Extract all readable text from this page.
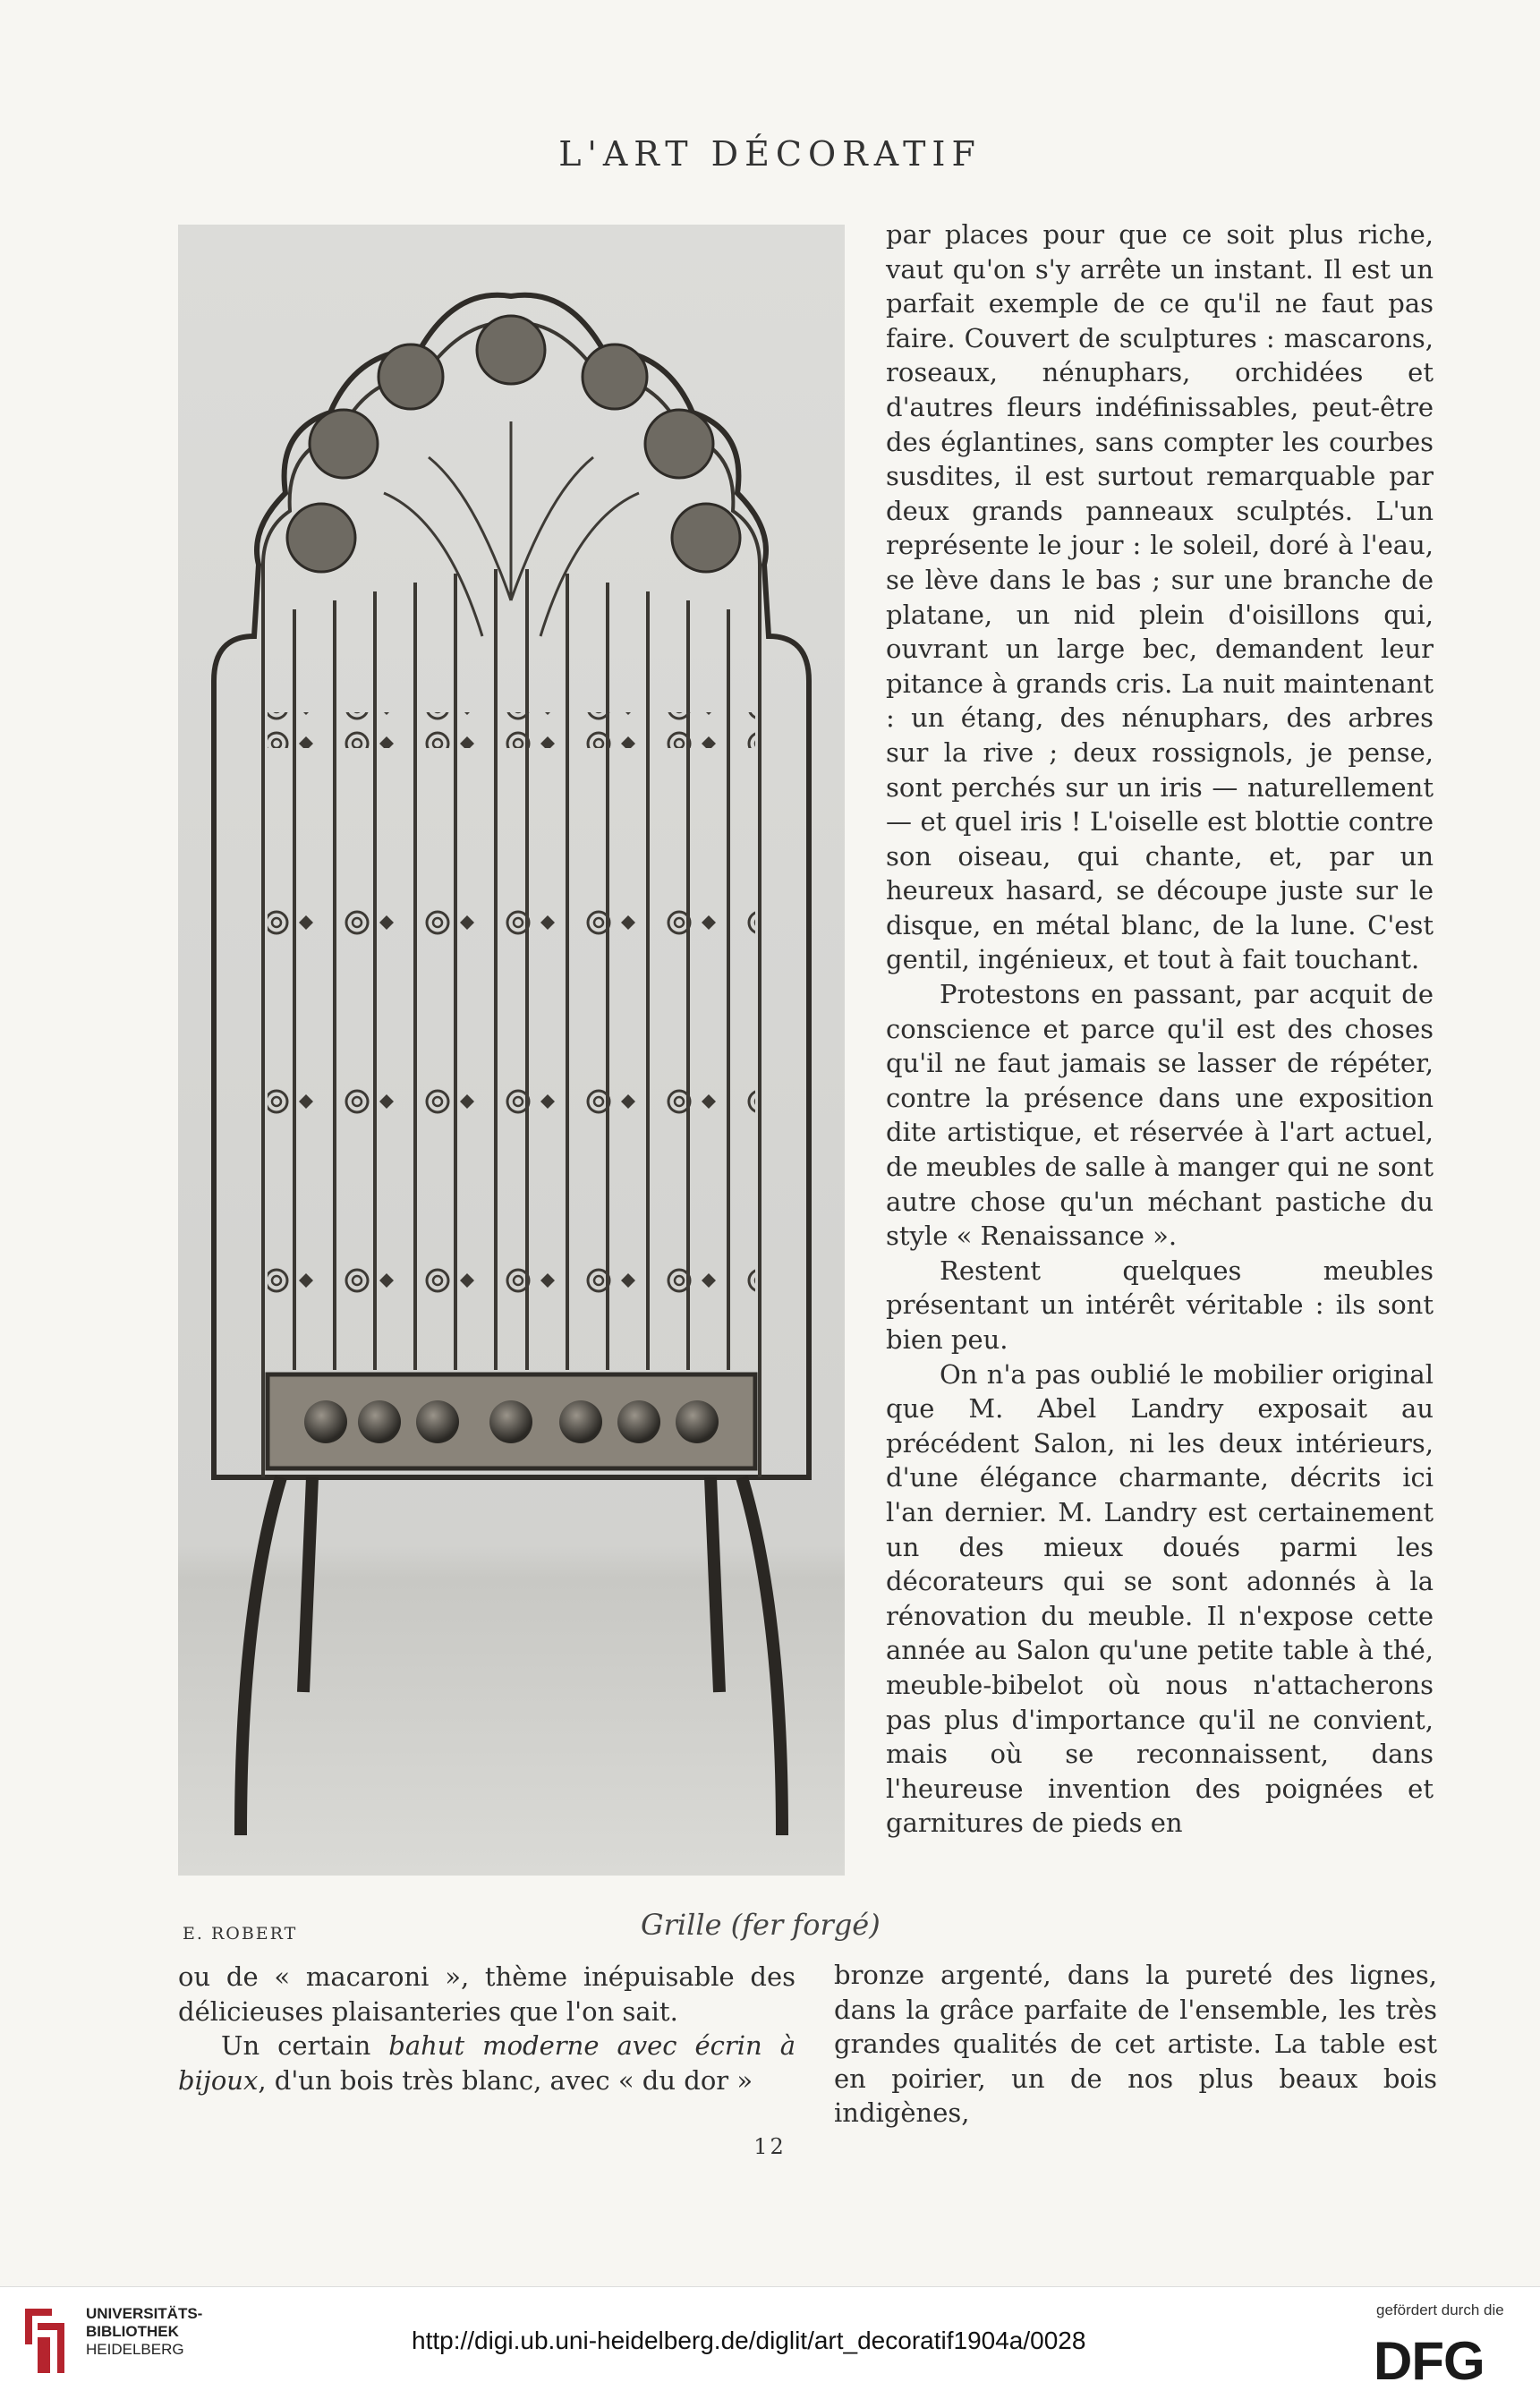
L'ART DÉCORATIF
E. ROBERT	Grille (fer forgé)

par places pour que ce soit plus riche, vaut qu'on s'y arrête un instant. Il est un parfait exemple de ce qu'il ne faut pas faire. Couvert de sculptures : mascarons, roseaux, nénuphars, orchidées et d'autres fleurs indéfinissables, peut-être des églantines, sans compter les courbes susdites, il est surtout remarquable par deux grands panneaux sculptés. L'un représente le jour : le soleil, doré à l'eau, se lève dans le bas ; sur une branche de platane, un nid plein d'oisillons qui, ouvrant un large bec, demandent leur pitance à grands cris. La nuit maintenant : un étang, des nénuphars, des arbres sur la rive ; deux rossignols, je pense, sont perchés sur un iris — naturellement — et quel iris ! L'oiselle est blottie contre son oiseau, qui chante, et, par un heureux hasard, se découpe juste sur le disque, en métal blanc, de la lune. C'est gentil, ingénieux, et tout à fait touchant.

Protestons en passant, par acquit de conscience et parce qu'il est des choses qu'il ne faut jamais se lasser de répéter, contre la présence dans une exposition dite artistique, et réservée à l'art actuel, de meubles de salle à manger qui ne sont autre chose qu'un méchant pastiche du style « Renaissance ».

Restent quelques meubles présentant un intérêt véritable : ils sont bien peu.

On n'a pas oublié le mobilier original que M. Abel Landry exposait au précédent Salon, ni les deux intérieurs, d'une élégance charmante, décrits ici l'an dernier. M. Landry est certainement un des mieux doués parmi les décorateurs qui se sont adonnés à la rénovation du meuble. Il n'expose cette année au Salon qu'une petite table à thé, meuble-bibelot où nous n'attacherons pas plus d'importance qu'il ne convient, mais où se reconnaissent, dans l'heureuse invention des poignées et garnitures de pieds en

ou de « macaroni », thème inépuisable des délicieuses plaisanteries que l'on sait.

Un certain bahut moderne avec écrin à bijoux, d'un bois très blanc, avec « du dor »

12
UNIVERSITÄTS-
BIBLIOTHEK
HEIDELBERG	http://digi.ub.uni-heidelberg.de/diglit/art_decoratif1904a/0028
gefördert durch die
DFG
bronze argenté, dans la pureté des lignes, dans la grâce parfaite de l'ensemble, les très grandes qualités de cet artiste. La table est en poirier, un de nos plus beaux bois indigènes,
